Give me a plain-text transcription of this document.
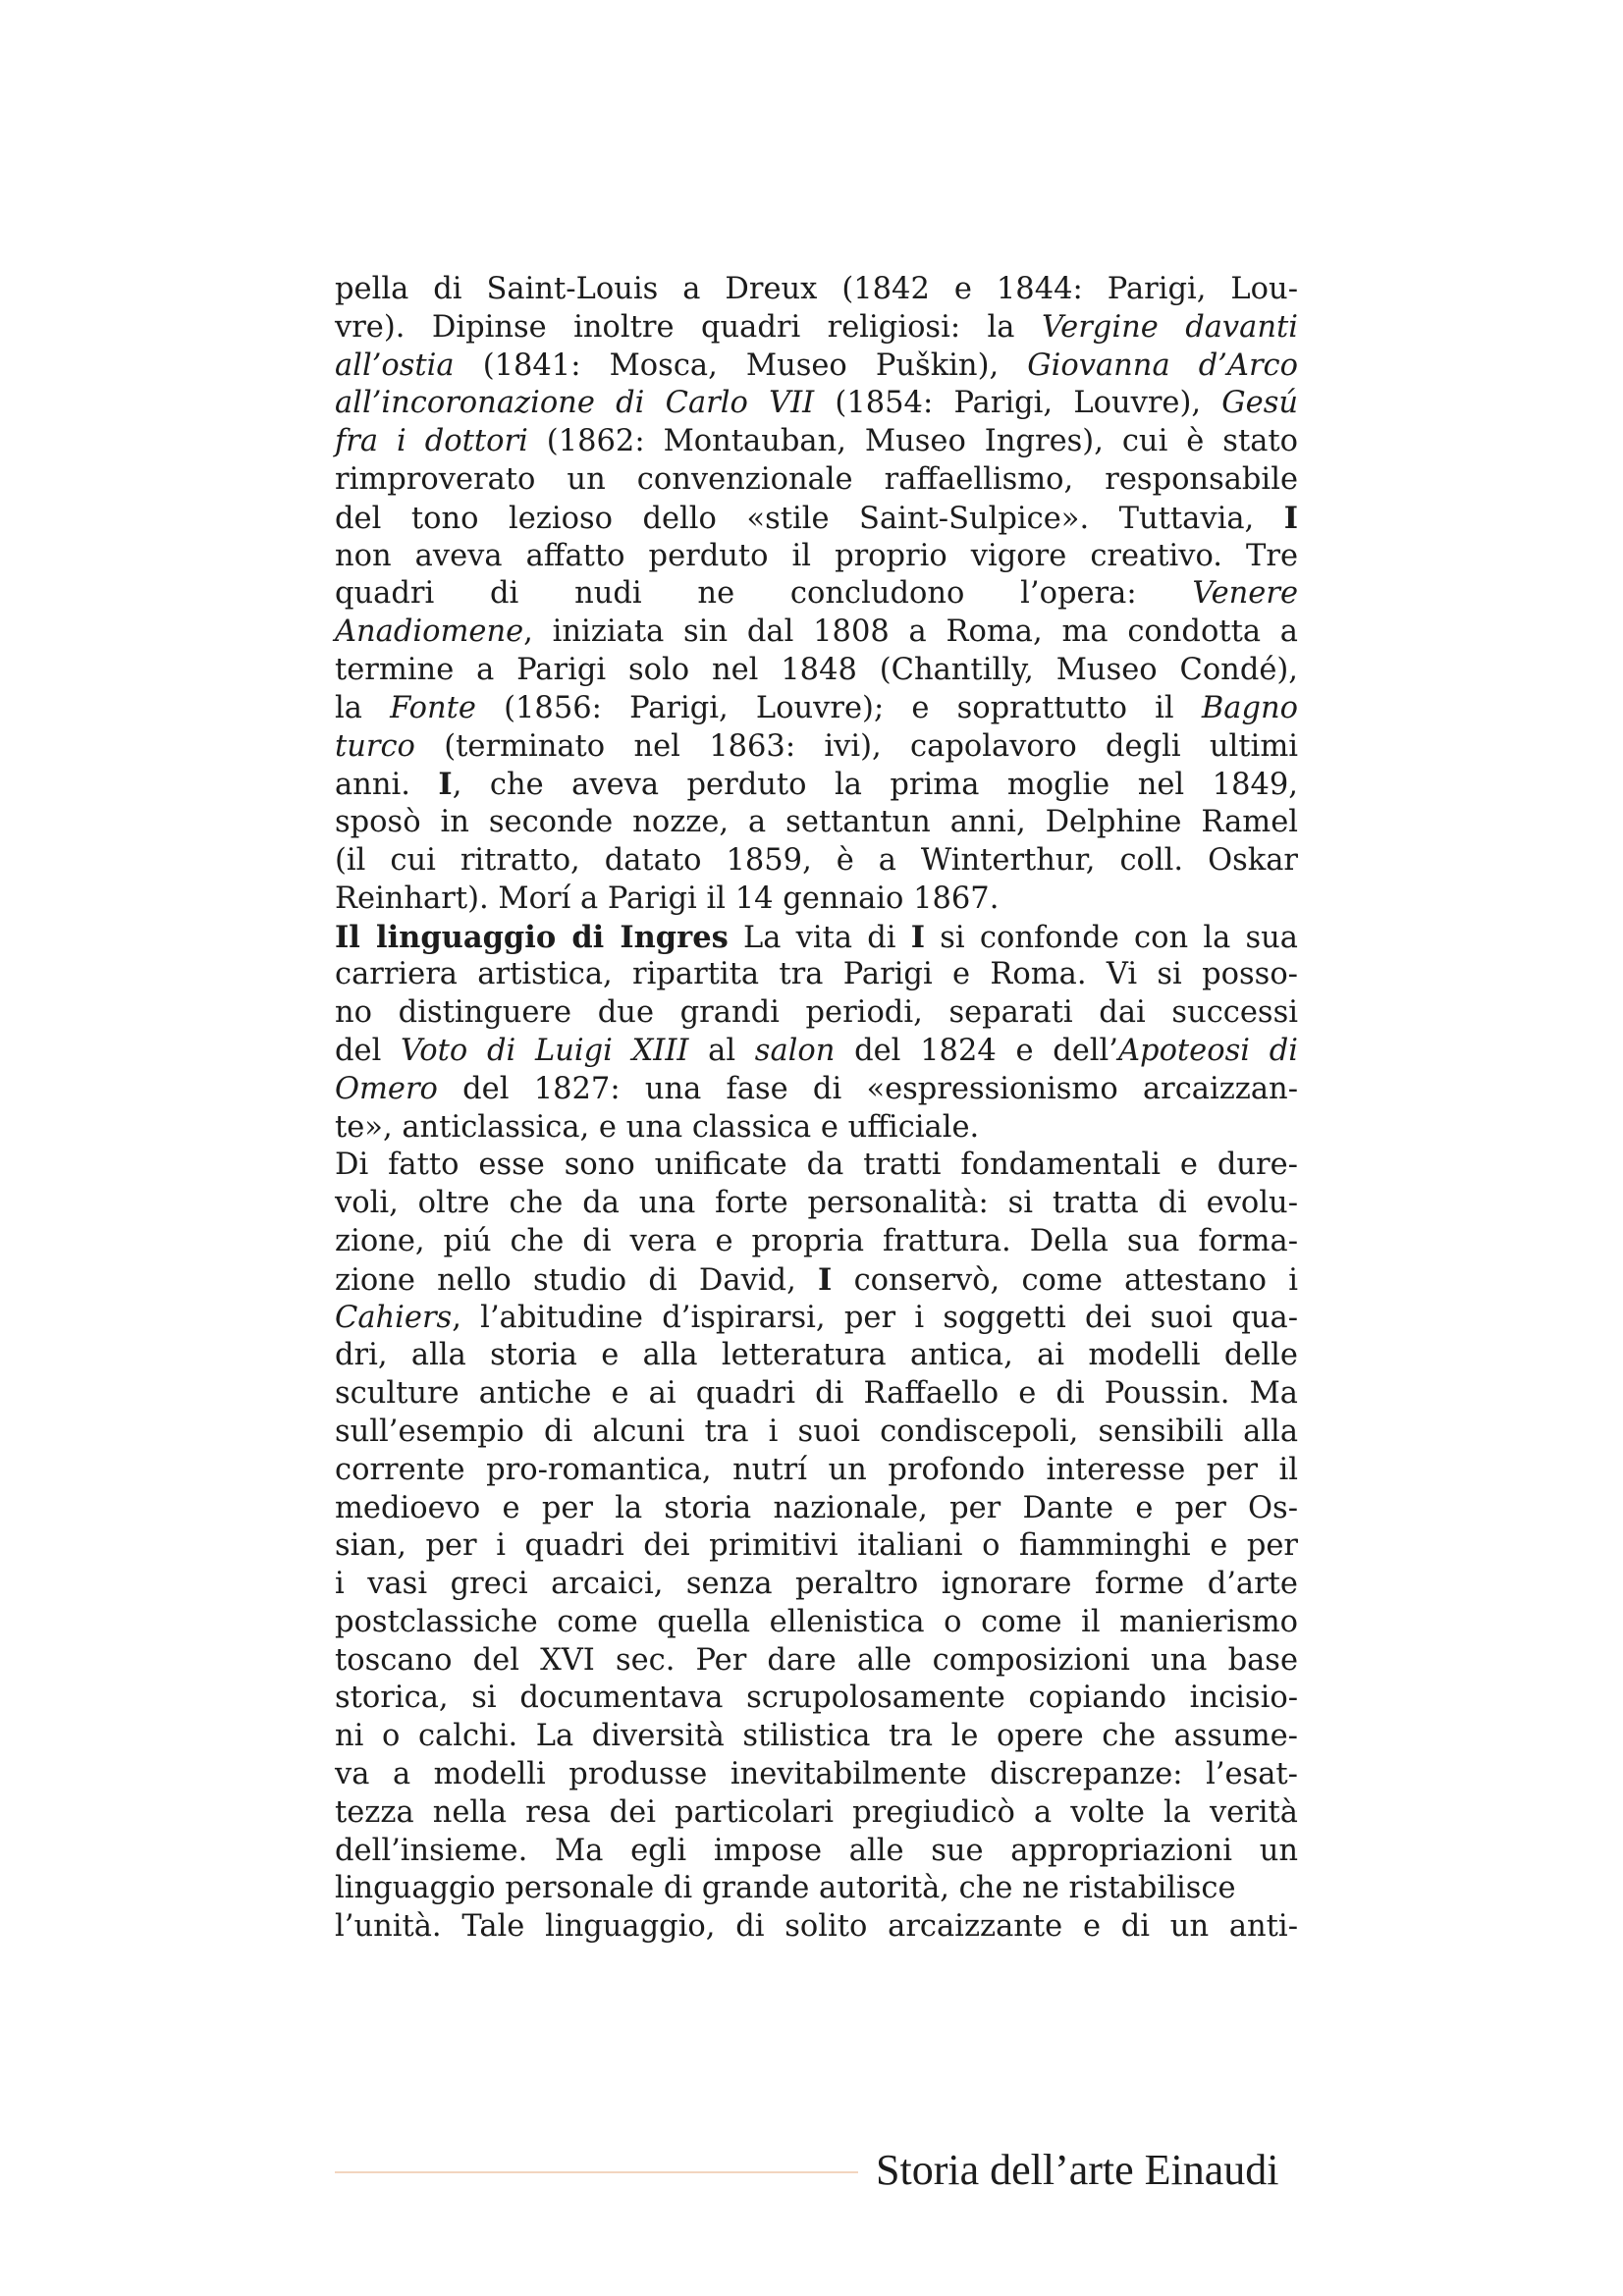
pella di Saint-Louis a Dreux (1842 e 1844: Parigi, Lou-
vre). Dipinse inoltre quadri religiosi: la Vergine davanti
all’ostia (1841: Mosca, Museo Puškin), Giovanna d’Arco
all’incoronazione di Carlo VII (1854: Parigi, Louvre), Gesú
fra i dottori (1862: Montauban, Museo Ingres), cui è stato
rimproverato un convenzionale raffaellismo, responsabile
del tono lezioso dello «stile Saint-Sulpice». Tuttavia, I
non aveva affatto perduto il proprio vigore creativo. Tre
quadri di nudi ne concludono l’opera: Venere
Anadiomene, iniziata sin dal 1808 a Roma, ma condotta a
termine a Parigi solo nel 1848 (Chantilly, Museo Condé),
la Fonte (1856: Parigi, Louvre); e soprattutto il Bagno
turco (terminato nel 1863: ivi), capolavoro degli ultimi
anni. I, che aveva perduto la prima moglie nel 1849,
sposò in seconde nozze, a settantun anni, Delphine Ramel
(il cui ritratto, datato 1859, è a Winterthur, coll. Oskar
Reinhart). Morí a Parigi il 14 gennaio 1867.
Il linguaggio di Ingres La vita di I si confonde con la sua
carriera artistica, ripartita tra Parigi e Roma. Vi si posso-
no distinguere due grandi periodi, separati dai successi
del Voto di Luigi XIII al salon del 1824 e dell’Apoteosi di
Omero del 1827: una fase di «espressionismo arcaizzan-
te», anticlassica, e una classica e ufficiale.
Di fatto esse sono unificate da tratti fondamentali e dure-
voli, oltre che da una forte personalità: si tratta di evolu-
zione, piú che di vera e propria frattura. Della sua forma-
zione nello studio di David, I conservò, come attestano i
Cahiers, l’abitudine d’ispirarsi, per i soggetti dei suoi qua-
dri, alla storia e alla letteratura antica, ai modelli delle
sculture antiche e ai quadri di Raffaello e di Poussin. Ma
sull’esempio di alcuni tra i suoi condiscepoli, sensibili alla
corrente pro-romantica, nutrí un profondo interesse per il
medioevo e per la storia nazionale, per Dante e per Os-
sian, per i quadri dei primitivi italiani o fiamminghi e per
i vasi greci arcaici, senza peraltro ignorare forme d’arte
postclassiche come quella ellenistica o come il manierismo
toscano del XVI sec. Per dare alle composizioni una base
storica, si documentava scrupolosamente copiando incisio-
ni o calchi. La diversità stilistica tra le opere che assume-
va a modelli produsse inevitabilmente discrepanze: l’esat-
tezza nella resa dei particolari pregiudicò a volte la verità
dell’insieme. Ma egli impose alle sue appropriazioni un
linguaggio personale di grande autorità, che ne ristabilisce
l’unità. Tale linguaggio, di solito arcaizzante e di un anti-
Storia dell’arte Einaudi
